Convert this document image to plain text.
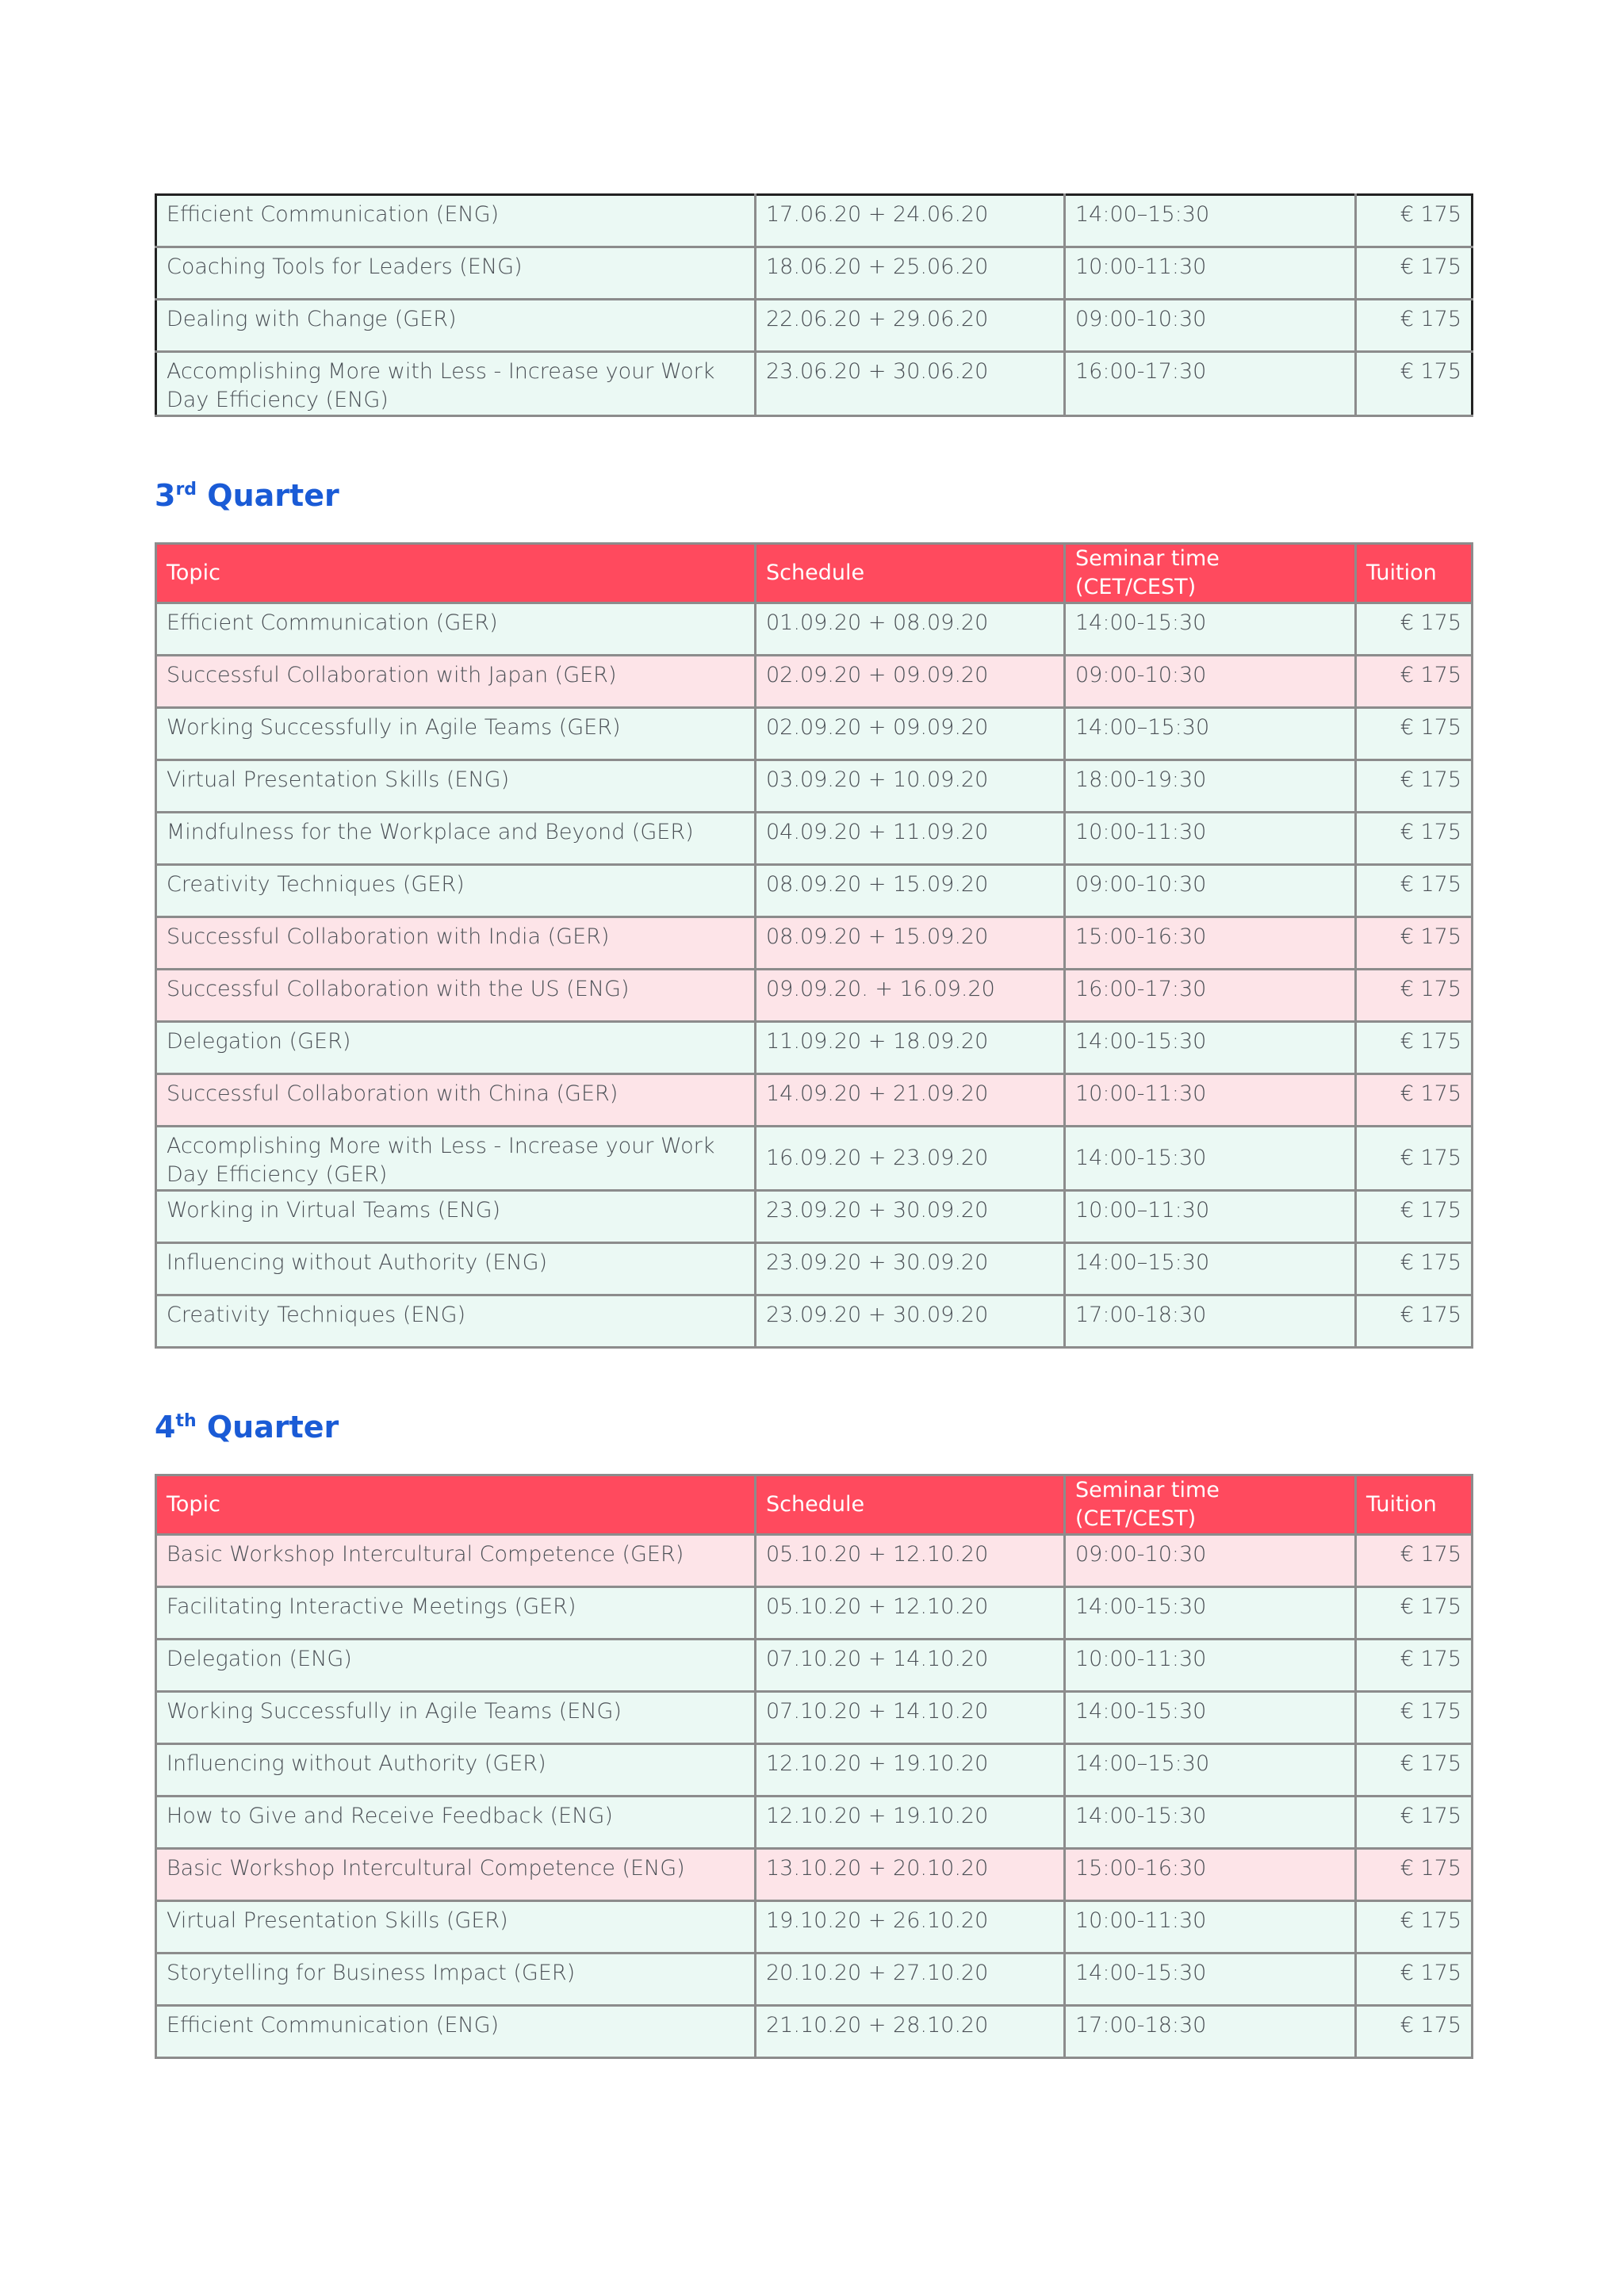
Efficient Communication (ENG)	17.06.20 + 24.06.20	14:00–15:30	€ 175
Coaching Tools for Leaders (ENG)	18.06.20 + 25.06.20	10:00-11:30	€ 175
Dealing with Change (GER)	22.06.20 + 29.06.20	09:00-10:30	€ 175
Accomplishing More with Less - Increase your Work Day Efficiency (ENG)	23.06.20 + 30.06.20	16:00-17:30	€ 175
3rd Quarter
Topic	Schedule	Seminar time (CET/CEST)	Tuition
Efficient Communication (GER)	01.09.20 + 08.09.20	14:00-15:30	€ 175
Successful Collaboration with Japan (GER)	02.09.20 + 09.09.20	09:00-10:30	€ 175
Working Successfully in Agile Teams (GER)	02.09.20 + 09.09.20	14:00–15:30	€ 175
Virtual Presentation Skills (ENG)	03.09.20 + 10.09.20	18:00-19:30	€ 175
Mindfulness for the Workplace and Beyond (GER)	04.09.20 + 11.09.20	10:00-11:30	€ 175
Creativity Techniques (GER)	08.09.20 + 15.09.20	09:00-10:30	€ 175
Successful Collaboration with India (GER)	08.09.20 + 15.09.20	15:00-16:30	€ 175
Successful Collaboration with the US (ENG)	09.09.20. + 16.09.20	16:00-17:30	€ 175
Delegation (GER)	11.09.20 + 18.09.20	14:00-15:30	€ 175
Successful Collaboration with China (GER)	14.09.20 + 21.09.20	10:00-11:30	€ 175
Accomplishing More with Less - Increase your Work Day Efficiency (GER)	16.09.20 + 23.09.20	14:00-15:30	€ 175
Working in Virtual Teams (ENG)	23.09.20 + 30.09.20	10:00–11:30	€ 175
Influencing without Authority (ENG)	23.09.20 + 30.09.20	14:00–15:30	€ 175
Creativity Techniques (ENG)	23.09.20 + 30.09.20	17:00-18:30	€ 175
4th Quarter
Topic	Schedule	Seminar time (CET/CEST)	Tuition
Basic Workshop Intercultural Competence (GER)	05.10.20 + 12.10.20	09:00-10:30	€ 175
Facilitating Interactive Meetings (GER)	05.10.20 + 12.10.20	14:00-15:30	€ 175
Delegation (ENG)	07.10.20 + 14.10.20	10:00-11:30	€ 175
Working Successfully in Agile Teams (ENG)	07.10.20 + 14.10.20	14:00-15:30	€ 175
Influencing without Authority (GER)	12.10.20 + 19.10.20	14:00–15:30	€ 175
How to Give and Receive Feedback (ENG)	12.10.20 + 19.10.20	14:00-15:30	€ 175
Basic Workshop Intercultural Competence (ENG)	13.10.20 + 20.10.20	15:00-16:30	€ 175
Virtual Presentation Skills (GER)	19.10.20 + 26.10.20	10:00-11:30	€ 175
Storytelling for Business Impact (GER)	20.10.20 + 27.10.20	14:00-15:30	€ 175
Efficient Communication (ENG)	21.10.20 + 28.10.20	17:00-18:30	€ 175
